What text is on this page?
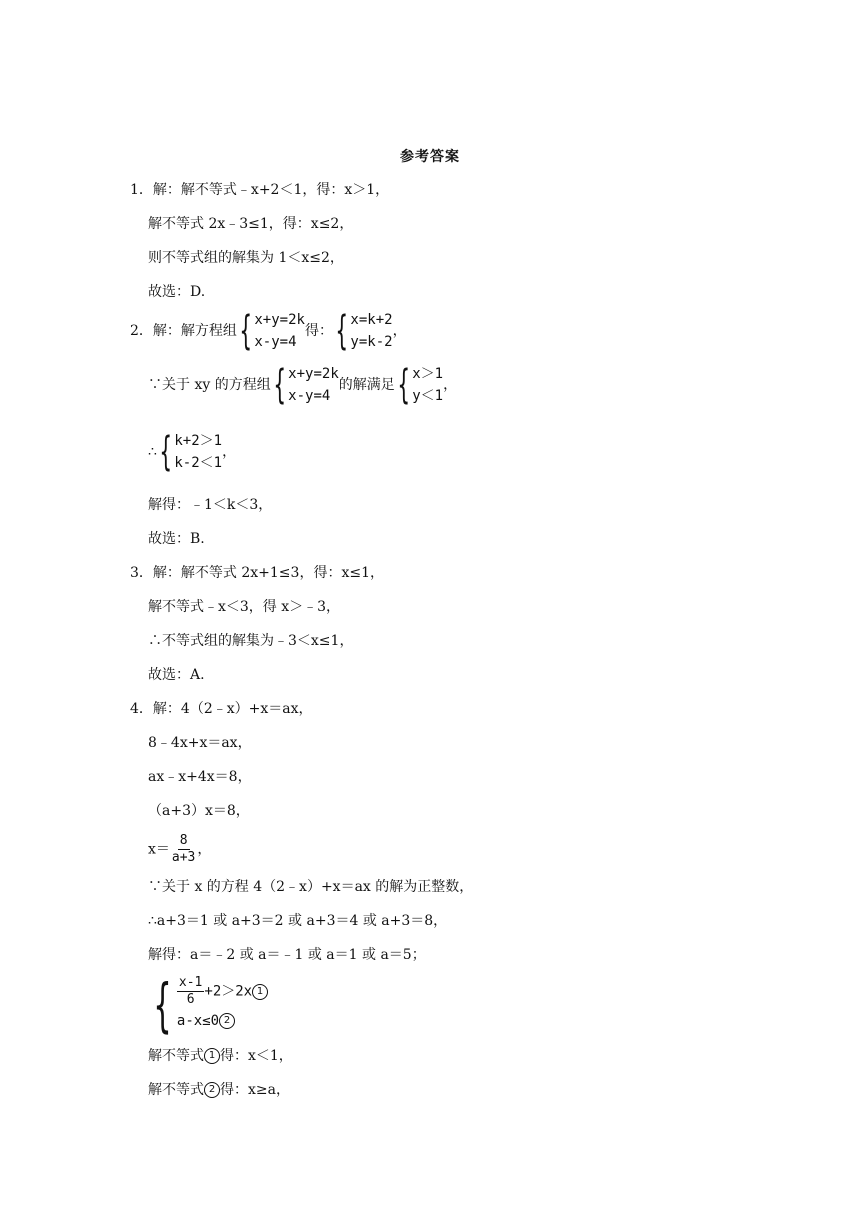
参考答案
1．解：解不等式﹣x+2＜1，得：x＞1，
解不等式 2x﹣3≤1，得：x≤2，
则不等式组的解集为 1＜x≤2，
故选：D.
2．解：解方程组 { x+y=2k
x-y=4
得： { x=k+2
y=k-2
，
∵关于 xy 的方程组 { x+y=2k
x-y=4
的解满足 { x＞1
y＜1
，
∴ { k+2＞1
k-2＜1
，
解得：﹣1＜k＜3，
故选：B.
3．解：解不等式 2x+1≤3，得：x≤1，
解不等式﹣x＜3，得 x＞﹣3，
∴不等式组的解集为﹣3＜x≤1，
故选：A.
4．解：4（2﹣x）+x＝ax，
8﹣4x+x＝ax，
ax﹣x+4x＝8，
（a+3）x＝8，
$x= \frac{8}{a+3}$ ，
∵关于 x 的方程 4（2﹣x）+x＝ax 的解为正整数，
∴a+3＝1 或 a+3＝2 或 a+3＝4 或 a+3＝8，
解得：a＝﹣2 或 a＝﹣1 或 a＝1 或 a＝5；
{ $\frac{x-1}{6} +2>2x$ 1
a-x≤0 2
解不等式 1 得：x＜1，
解不等式 2 得：x≥a，
